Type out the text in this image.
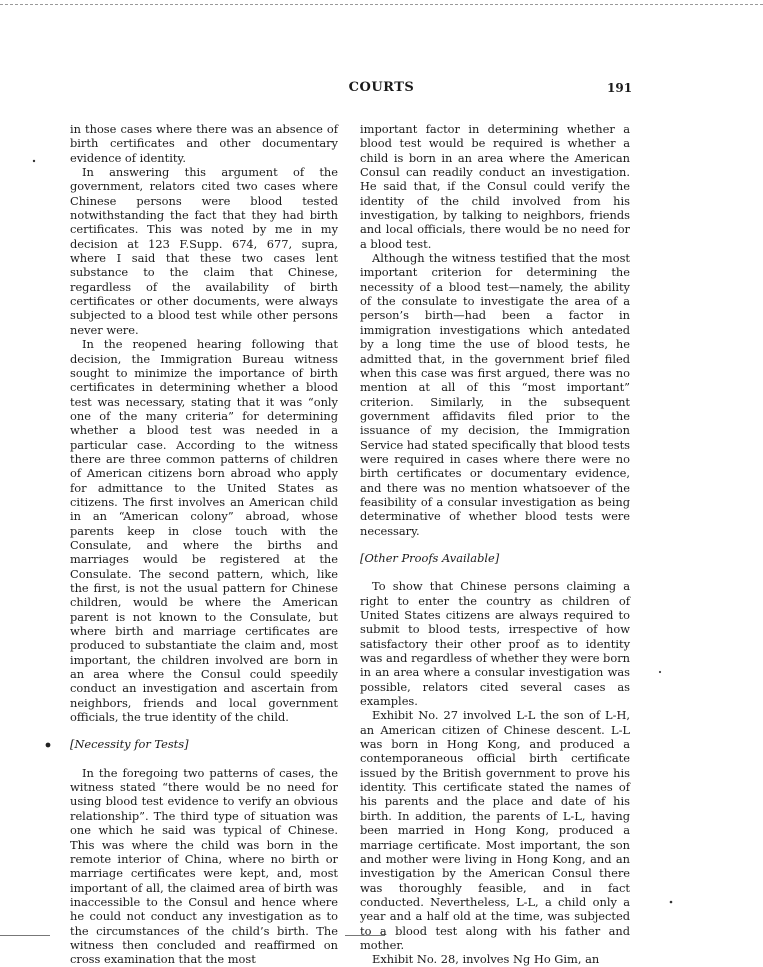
COURTS	191

in those cases where there was an absence of birth certificates and other documentary evidence of identity.

In answering this argument of the government, relators cited two cases where Chinese persons were blood tested notwithstanding the fact that they had birth certificates. This was noted by me in my decision at 123 F.Supp. 674, 677, supra, where I said that these two cases lent substance to the claim that Chinese, regardless of the availability of birth certificates or other documents, were always subjected to a blood test while other persons never were.

In the reopened hearing following that decision, the Immigration Bureau witness sought to minimize the importance of birth certificates in determining whether a blood test was necessary, stating that it was “only one of the many criteria” for determining whether a blood test was needed in a particular case. According to the witness there are three common patterns of children of American citizens born abroad who apply for admittance to the United States as citizens. The first involves an American child in an “American colony” abroad, whose parents keep in close touch with the Consulate, and where the births and marriages would be registered at the Consulate. The second pattern, which, like the first, is not the usual pattern for Chinese children, would be where the American parent is not known to the Consulate, but where birth and marriage certificates are produced to substantiate the claim and, most important, the children involved are born in an area where the Consul could speedily conduct an investigation and ascertain from neighbors, friends and local government officials, the true identity of the child.

[Necessity for Tests]

In the foregoing two patterns of cases, the witness stated “there would be no need for using blood test evidence to verify an obvious relationship”. The third type of situation was one which he said was typical of Chinese. This was where the child was born in the remote interior of China, where no birth or marriage certificates were kept, and, most important of all, the claimed area of birth was inaccessible to the Consul and hence where he could not conduct any investigation as to the circumstances of the child’s birth. The witness then concluded and reaffirmed on cross examination that the most

important factor in determining whether a blood test would be required is whether a child is born in an area where the American Consul can readily conduct an investigation. He said that, if the Consul could verify the identity of the child involved from his investigation, by talking to neighbors, friends and local officials, there would be no need for a blood test.

Although the witness testified that the most important criterion for determining the necessity of a blood test—namely, the ability of the consulate to investigate the area of a person’s birth—had been a factor in immigration investigations which antedated by a long time the use of blood tests, he admitted that, in the government brief filed when this case was first argued, there was no mention at all of this “most important” criterion. Similarly, in the subsequent government affidavits filed prior to the issuance of my decision, the Immigration Service had stated specifically that blood tests were required in cases where there were no birth certificates or documentary evidence, and there was no mention whatsoever of the feasibility of a consular investigation as being determinative of whether blood tests were necessary.

[Other Proofs Available]

To show that Chinese persons claiming a right to enter the country as children of United States citizens are always required to submit to blood tests, irrespective of how satisfactory their other proof as to identity was and regardless of whether they were born in an area where a consular investigation was possible, relators cited several cases as examples.

Exhibit No. 27 involved L-L the son of L-H, an American citizen of Chinese descent. L-L was born in Hong Kong, and produced a contemporaneous official birth certificate issued by the British government to prove his identity. This certificate stated the names of his parents and the place and date of his birth. In addition, the parents of L-L, having been married in Hong Kong, produced a marriage certificate. Most important, the son and mother were living in Hong Kong, and an investigation by the American Consul there was thoroughly feasible, and in fact conducted. Nevertheless, L-L, a child only a year and a half old at the time, was subjected to a blood test along with his father and mother.

Exhibit No. 28, involves Ng Ho Gim, an
